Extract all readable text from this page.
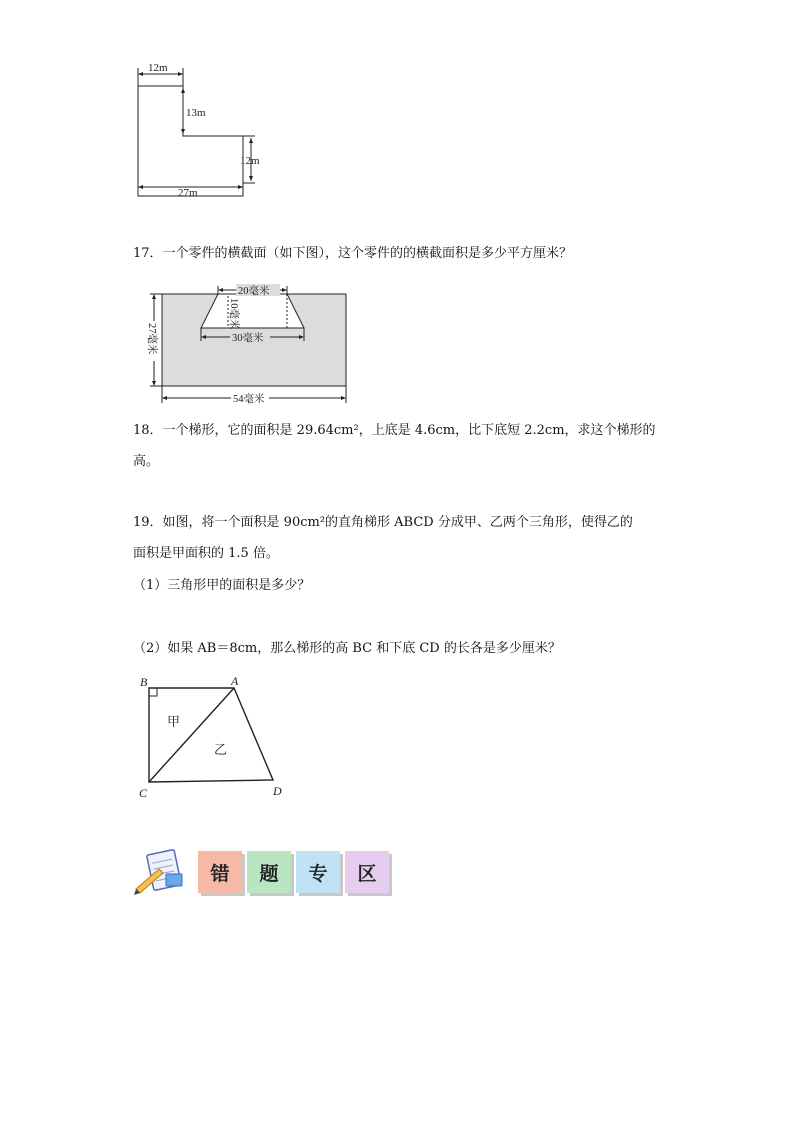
12m
13m
12m
27m
17．一个零件的横截面（如下图），这个零件的的横截面积是多少平方厘米？
20毫米
10毫米
30毫米
27毫米
54毫米
18．一个梯形，它的面积是 29.64cm²，上底是 4.6cm，比下底短 2.2cm，求这个梯形的
高。
19．如图，将一个面积是 90cm²的直角梯形 ABCD 分成甲、乙两个三角形，使得乙的
面积是甲面积的 1.5 倍。
（1）三角形甲的面积是多少？
（2）如果 AB＝8cm，那么梯形的高 BC 和下底 CD 的长各是多少厘米？
B	A
C	D
甲
乙
错	题	专	区
